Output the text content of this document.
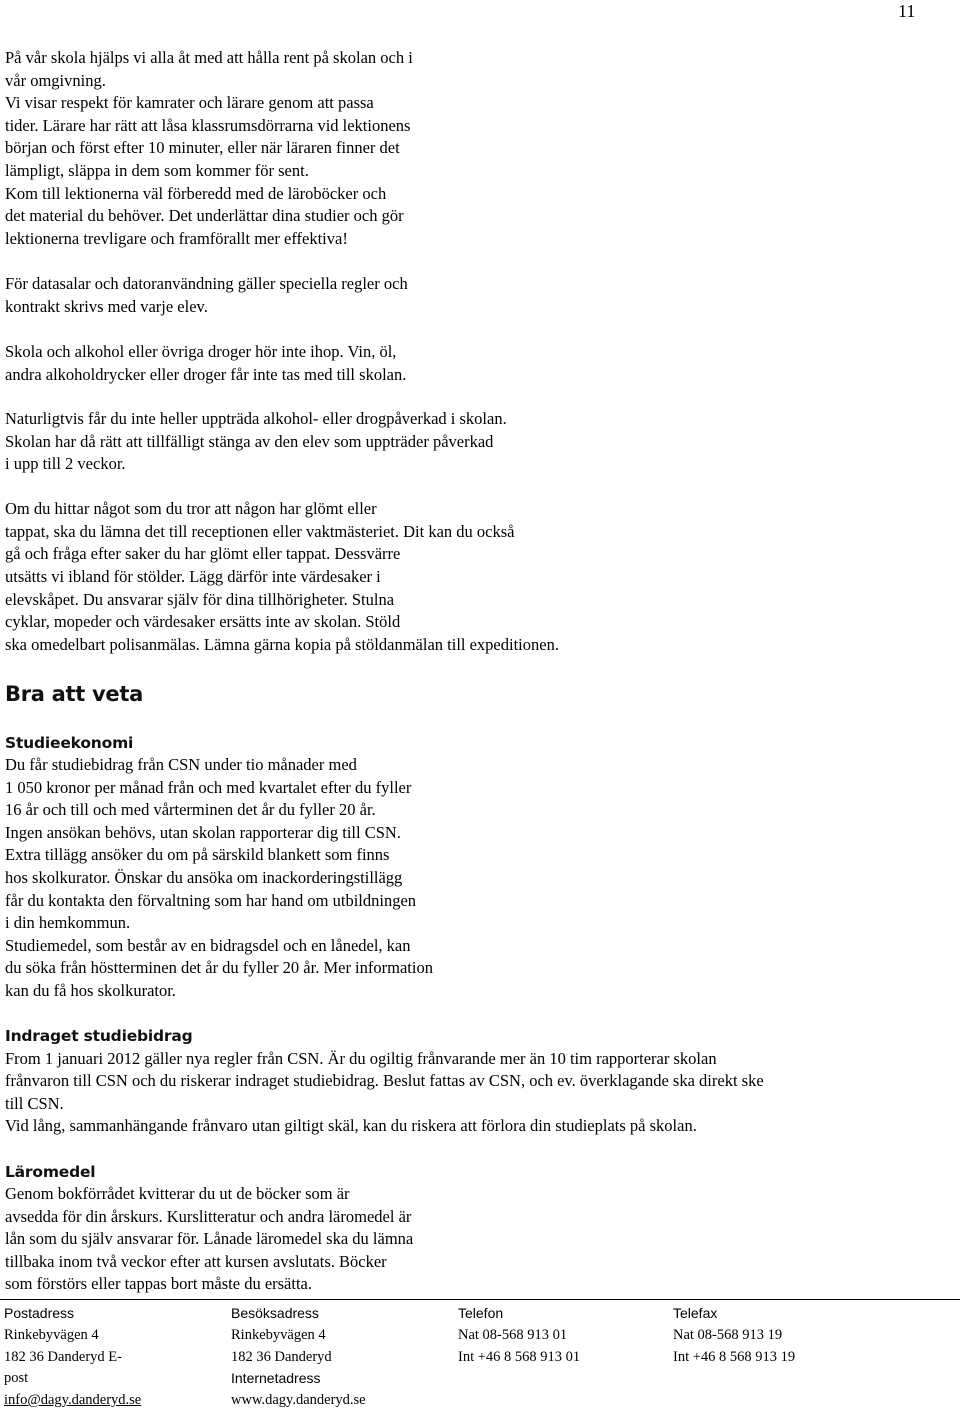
11
På vår skola hjälps vi alla åt med att hålla rent på skolan och i
vår omgivning.
Vi visar respekt för kamrater och lärare genom att passa
tider. Lärare har rätt att låsa klassrumsdörrarna vid lektionens
början och först efter 10 minuter, eller när läraren finner det
lämpligt, släppa in dem som kommer för sent.
Kom till lektionerna väl förberedd med de läroböcker och
det material du behöver. Det underlättar dina studier och gör
lektionerna trevligare och framförallt mer effektiva!
För datasalar och datoranvändning gäller speciella regler och
kontrakt skrivs med varje elev.
Skola och alkohol eller övriga droger hör inte ihop. Vin, öl,
andra alkoholdrycker eller droger får inte tas med till skolan.
Naturligtvis får du inte heller uppträda alkohol- eller drogpåverkad i skolan.
Skolan har då rätt att tillfälligt stänga av den elev som uppträder påverkad
i upp till 2 veckor.
Om du hittar något som du tror att någon har glömt eller
tappat, ska du lämna det till receptionen eller vaktmästeriet. Dit kan du också
gå och fråga efter saker du har glömt eller tappat. Dessvärre
utsätts vi ibland för stölder. Lägg därför inte värdesaker i
elevskåpet. Du ansvarar själv för dina tillhörigheter. Stulna
cyklar, mopeder och värdesaker ersätts inte av skolan. Stöld
ska omedelbart polisanmälas. Lämna gärna kopia på stöldanmälan till expeditionen.
Bra att veta
Studieekonomi
Du får studiebidrag från CSN under tio månader med
1 050 kronor per månad från och med kvartalet efter du fyller
16 år och till och med vårterminen det år du fyller 20 år.
Ingen ansökan behövs, utan skolan rapporterar dig till CSN.
Extra tillägg ansöker du om på särskild blankett som finns
hos skolkurator. Önskar du ansöka om inackorderingstillägg
får du kontakta den förvaltning som har hand om utbildningen
i din hemkommun.
Studiemedel, som består av en bidragsdel och en lånedel, kan
du söka från höstterminen det år du fyller 20 år. Mer information
kan du få hos skolkurator.
Indraget studiebidrag
From 1 januari 2012 gäller nya regler från CSN. Är du ogiltig frånvarande mer än 10 tim rapporterar skolan
frånvaron till CSN och du riskerar indraget studiebidrag. Beslut fattas av CSN, och ev. överklagande ska direkt ske
till CSN.
Vid lång, sammanhängande frånvaro utan giltigt skäl, kan du riskera att förlora din studieplats på skolan.
Läromedel
Genom bokförrådet kvitterar du ut de böcker som är
avsedda för din årskurs. Kurslitteratur och andra läromedel är
lån som du själv ansvarar för. Lånade läromedel ska du lämna
tillbaka inom två veckor efter att kursen avslutats. Böcker
som förstörs eller tappas bort måste du ersätta.
Postadress
Rinkebyvägen 4
182 36 Danderyd E-
post
info@dagy.danderyd.se
Besöksadress
Rinkebyvägen 4
182 36 Danderyd
Internetadress
www.dagy.danderyd.se
Telefon
Nat 08-568 913 01
Int +46 8 568 913 01
Telefax
Nat 08-568 913 19
Int +46 8 568 913 19
